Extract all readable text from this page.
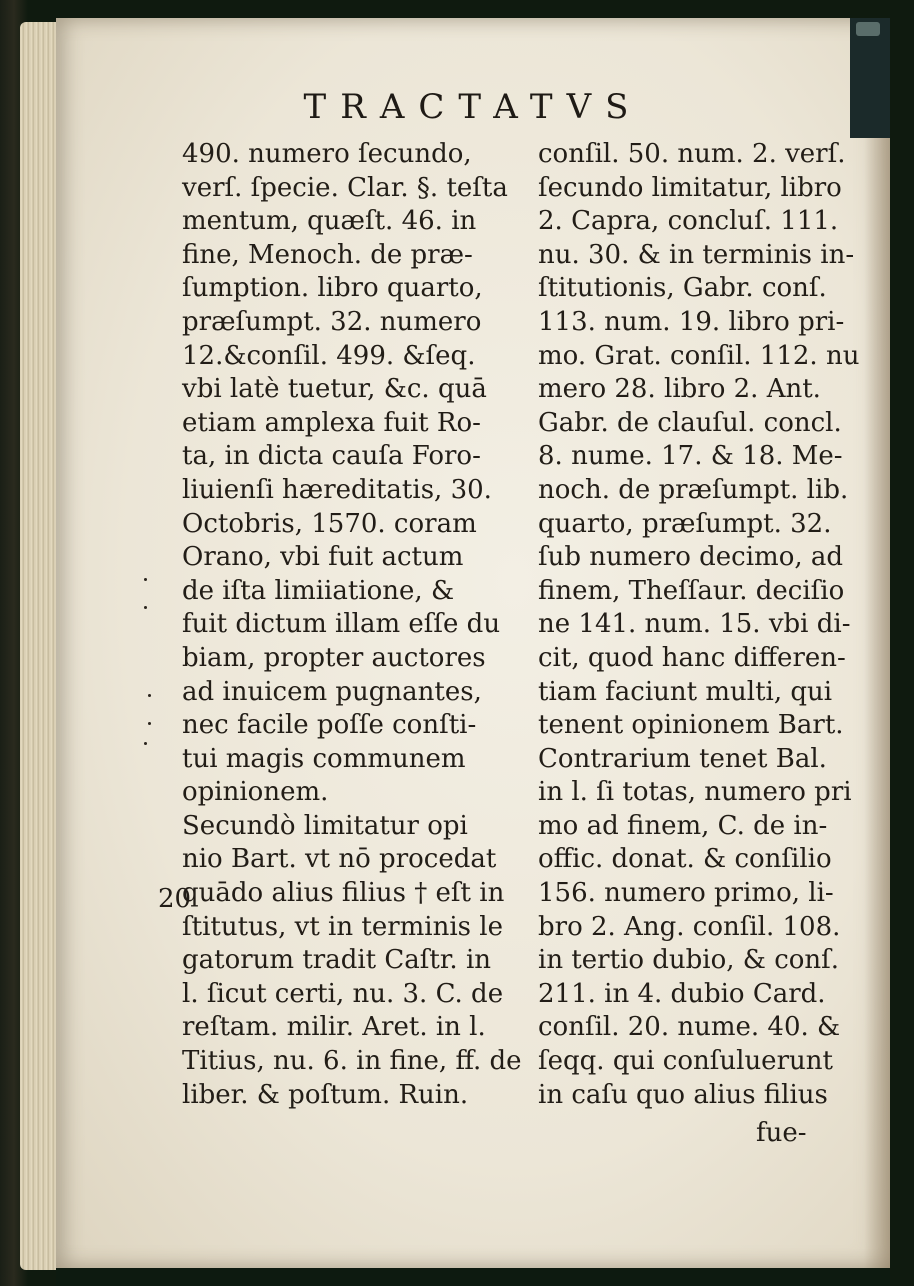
TRACTATVS
490. numero ſecundo,
verſ. ſpecie. Clar. §. teſta
mentum, quæſt. 46. in
fine, Menoch. de præ-
ſumption. libro quarto,
præſumpt. 32. numero
12.&conſil. 499. &ſeq.
vbi latè tuetur, &c. quā
etiam amplexa fuit Ro-
ta, in dicta cauſa Foro-
liuienſi hæreditatis, 30.
Octobris, 1570. coram
Orano, vbi fuit actum
de iſta limiiatione, &
fuit dictum illam eſſe du
biam, propter auctores
ad inuicem pugnantes,
nec facile poſſe conſti-
tui magis communem
opinionem.
Secundò limitatur opi
nio Bart. vt nō procedat
quādo alius filius † eſt in
ſtitutus, vt in terminis le
gatorum tradit Caſtr. in
l. ſicut certi, nu. 3. C. de
reſtam. milir. Aret. in l.
Titius, nu. 6. in fine, ff. de
liber. & poſtum. Ruin.
conſil. 50. num. 2. verſ.
ſecundo limitatur, libro
2. Capra, concluſ. 111.
nu. 30. & in terminis in-
ſtitutionis, Gabr. conſ.
113. num. 19. libro pri-
mo. Grat. conſil. 112. nu
mero 28. libro 2. Ant.
Gabr. de clauſul. concl.
8. nume. 17. & 18. Me-
noch. de præſumpt. lib.
quarto, præſumpt. 32.
ſub numero decimo, ad
finem, Theſſaur. deciſio
ne 141. num. 15. vbi di-
cit, quod hanc differen-
tiam faciunt multi, qui
tenent opinionem Bart.
Contrarium tenet Bal.
in l. ſi totas, numero pri
mo ad finem, C. de in-
offic. donat. & conſilio
156. numero primo, li-
bro 2. Ang. conſil. 108.
in tertio dubio, & conſ.
211. in 4. dubio Card.
conſil. 20. nume. 40. &
ſeqq. qui conſuluerunt
in caſu quo alius filius
20
fue-
